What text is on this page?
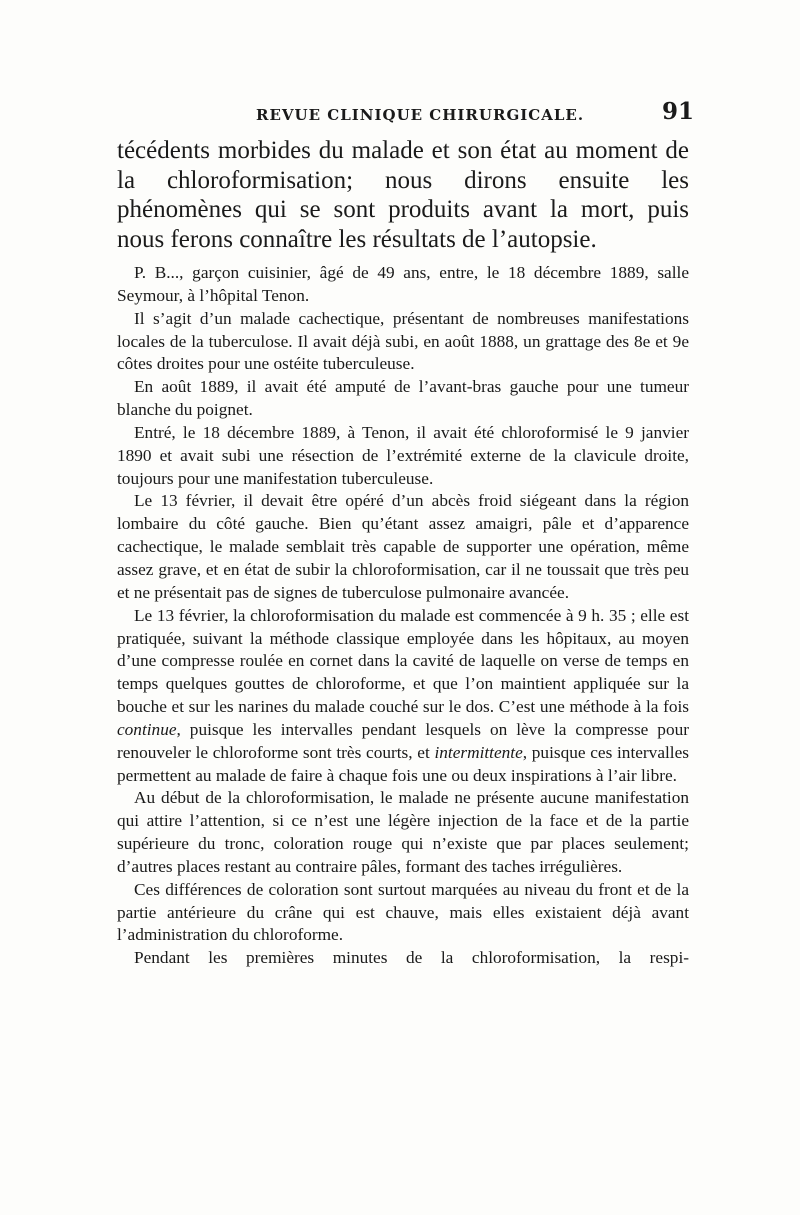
REVUE CLINIQUE CHIRURGICALE.	91

técédents morbides du malade et son état au moment de la chloroformisation; nous dirons ensuite les phénomènes qui se sont produits avant la mort, puis nous ferons connaître les résultats de l’autopsie.

P. B..., garçon cuisinier, âgé de 49 ans, entre, le 18 décembre 1889, salle Seymour, à l’hôpital Tenon.

Il s’agit d’un malade cachectique, présentant de nombreuses manifestations locales de la tuberculose. Il avait déjà subi, en août 1888, un grattage des 8e et 9e côtes droites pour une ostéite tuberculeuse.

En août 1889, il avait été amputé de l’avant-bras gauche pour une tumeur blanche du poignet.

Entré, le 18 décembre 1889, à Tenon, il avait été chloroformisé le 9 janvier 1890 et avait subi une résection de l’extrémité externe de la clavicule droite, toujours pour une manifestation tuberculeuse.

Le 13 février, il devait être opéré d’un abcès froid siégeant dans la région lombaire du côté gauche. Bien qu’étant assez amaigri, pâle et d’apparence cachectique, le malade semblait très capable de supporter une opération, même assez grave, et en état de subir la chloroformisation, car il ne toussait que très peu et ne présentait pas de signes de tuberculose pulmonaire avancée.

Le 13 février, la chloroformisation du malade est commencée à 9 h. 35 ; elle est pratiquée, suivant la méthode classique employée dans les hôpitaux, au moyen d’une compresse roulée en cornet dans la cavité de laquelle on verse de temps en temps quelques gouttes de chloroforme, et que l’on maintient appliquée sur la bouche et sur les narines du malade couché sur le dos. C’est une méthode à la fois continue, puisque les intervalles pendant lesquels on lève la compresse pour renouveler le chloroforme sont très courts, et intermittente, puisque ces intervalles permettent au malade de faire à chaque fois une ou deux inspirations à l’air libre.

Au début de la chloroformisation, le malade ne présente aucune manifestation qui attire l’attention, si ce n’est une légère injection de la face et de la partie supérieure du tronc, coloration rouge qui n’existe que par places seulement; d’autres places restant au contraire pâles, formant des taches irrégulières.

Ces différences de coloration sont surtout marquées au niveau du front et de la partie antérieure du crâne qui est chauve, mais elles existaient déjà avant l’administration du chloroforme.

Pendant les premières minutes de la chloroformisation, la respi-
